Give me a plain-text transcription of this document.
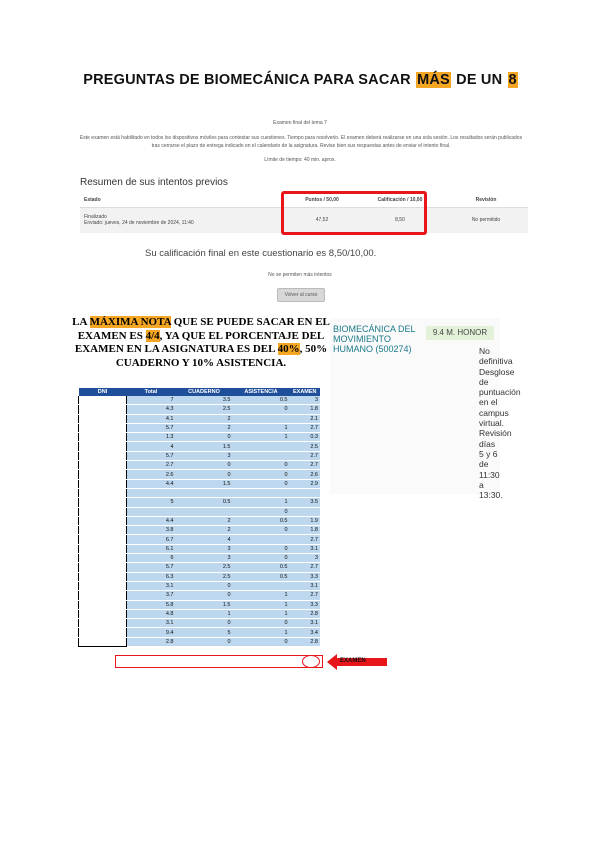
PREGUNTAS DE BIOMECÁNICA PARA SACAR MÁS DE UN 8
Examen final del tema 7
Este examen está habilitado en todos los dispositivos móviles para contestar sus cuestiones. Tiempo para resolverlo. El examen deberá realizarse en una sola sesión. Los resultados serán publicados tras cerrarse el plazo de entrega indicado en el calendario de la asignatura. Revise bien sus respuestas antes de enviar el intento final.
Límite de tiempo: 40 min. aprox.
Resumen de sus intentos previos
Estado	Puntos / 50,00	Calificación / 10,00	Revisión

Finalizado
Enviado: jueves, 24 de noviembre de 2024, 11:40	47,52	8,50	No permitido
Su calificación final en este cuestionario es 8,50/10,00.
No se permiten más intentos
Volver al curso
LA MÁXIMA NOTA QUE SE PUEDE SACAR EN EL EXAMEN ES 4/4, YA QUE EL PORCENTAJE DEL EXAMEN EN LA ASIGNATURA ES DEL 40%, 50% CUADERNO Y 10% ASISTENCIA.
BIOMECÁNICA DEL MOVIMIENTO HUMANO (500274)
9.4 M. HONOR
No definitiva Desglose de puntuación en el campus virtual. Revisión días 5 y 6 de 11:30 a 13:30.
DNI	Total	CUADERNO	ASISTENCIA	EXAMEN
	7	3.5	0.5	3
	4.3	2.5	0	1.8
	4.1	2		2.1
	5.7	2	1	2.7
	1.3	0	1	0.3
	4	1.5		2.5
	5.7	3		2.7
	2.7	0	0	2.7
	2.6	0	0	2.6
	4.4	1.5	0	2.9

	5	0.5	1	3.5
			0	
	4.4	2	0.5	1.9
	3.8	2	0	1.8
	6.7	4		2.7
	6.1	3	0	3.1
	6	3	0	3
	5.7	2.5	0.5	2.7
	6.3	2.5	0.5	3.3
	3.1	0		3.1
	3.7	0	1	2.7
	5.8	1.5	1	3.3
	4.8	1	1	2.8
	3.1	0	0	3.1
	9.4	5	1	3.4
	2.8	0	0	2.8
EXAMEN
